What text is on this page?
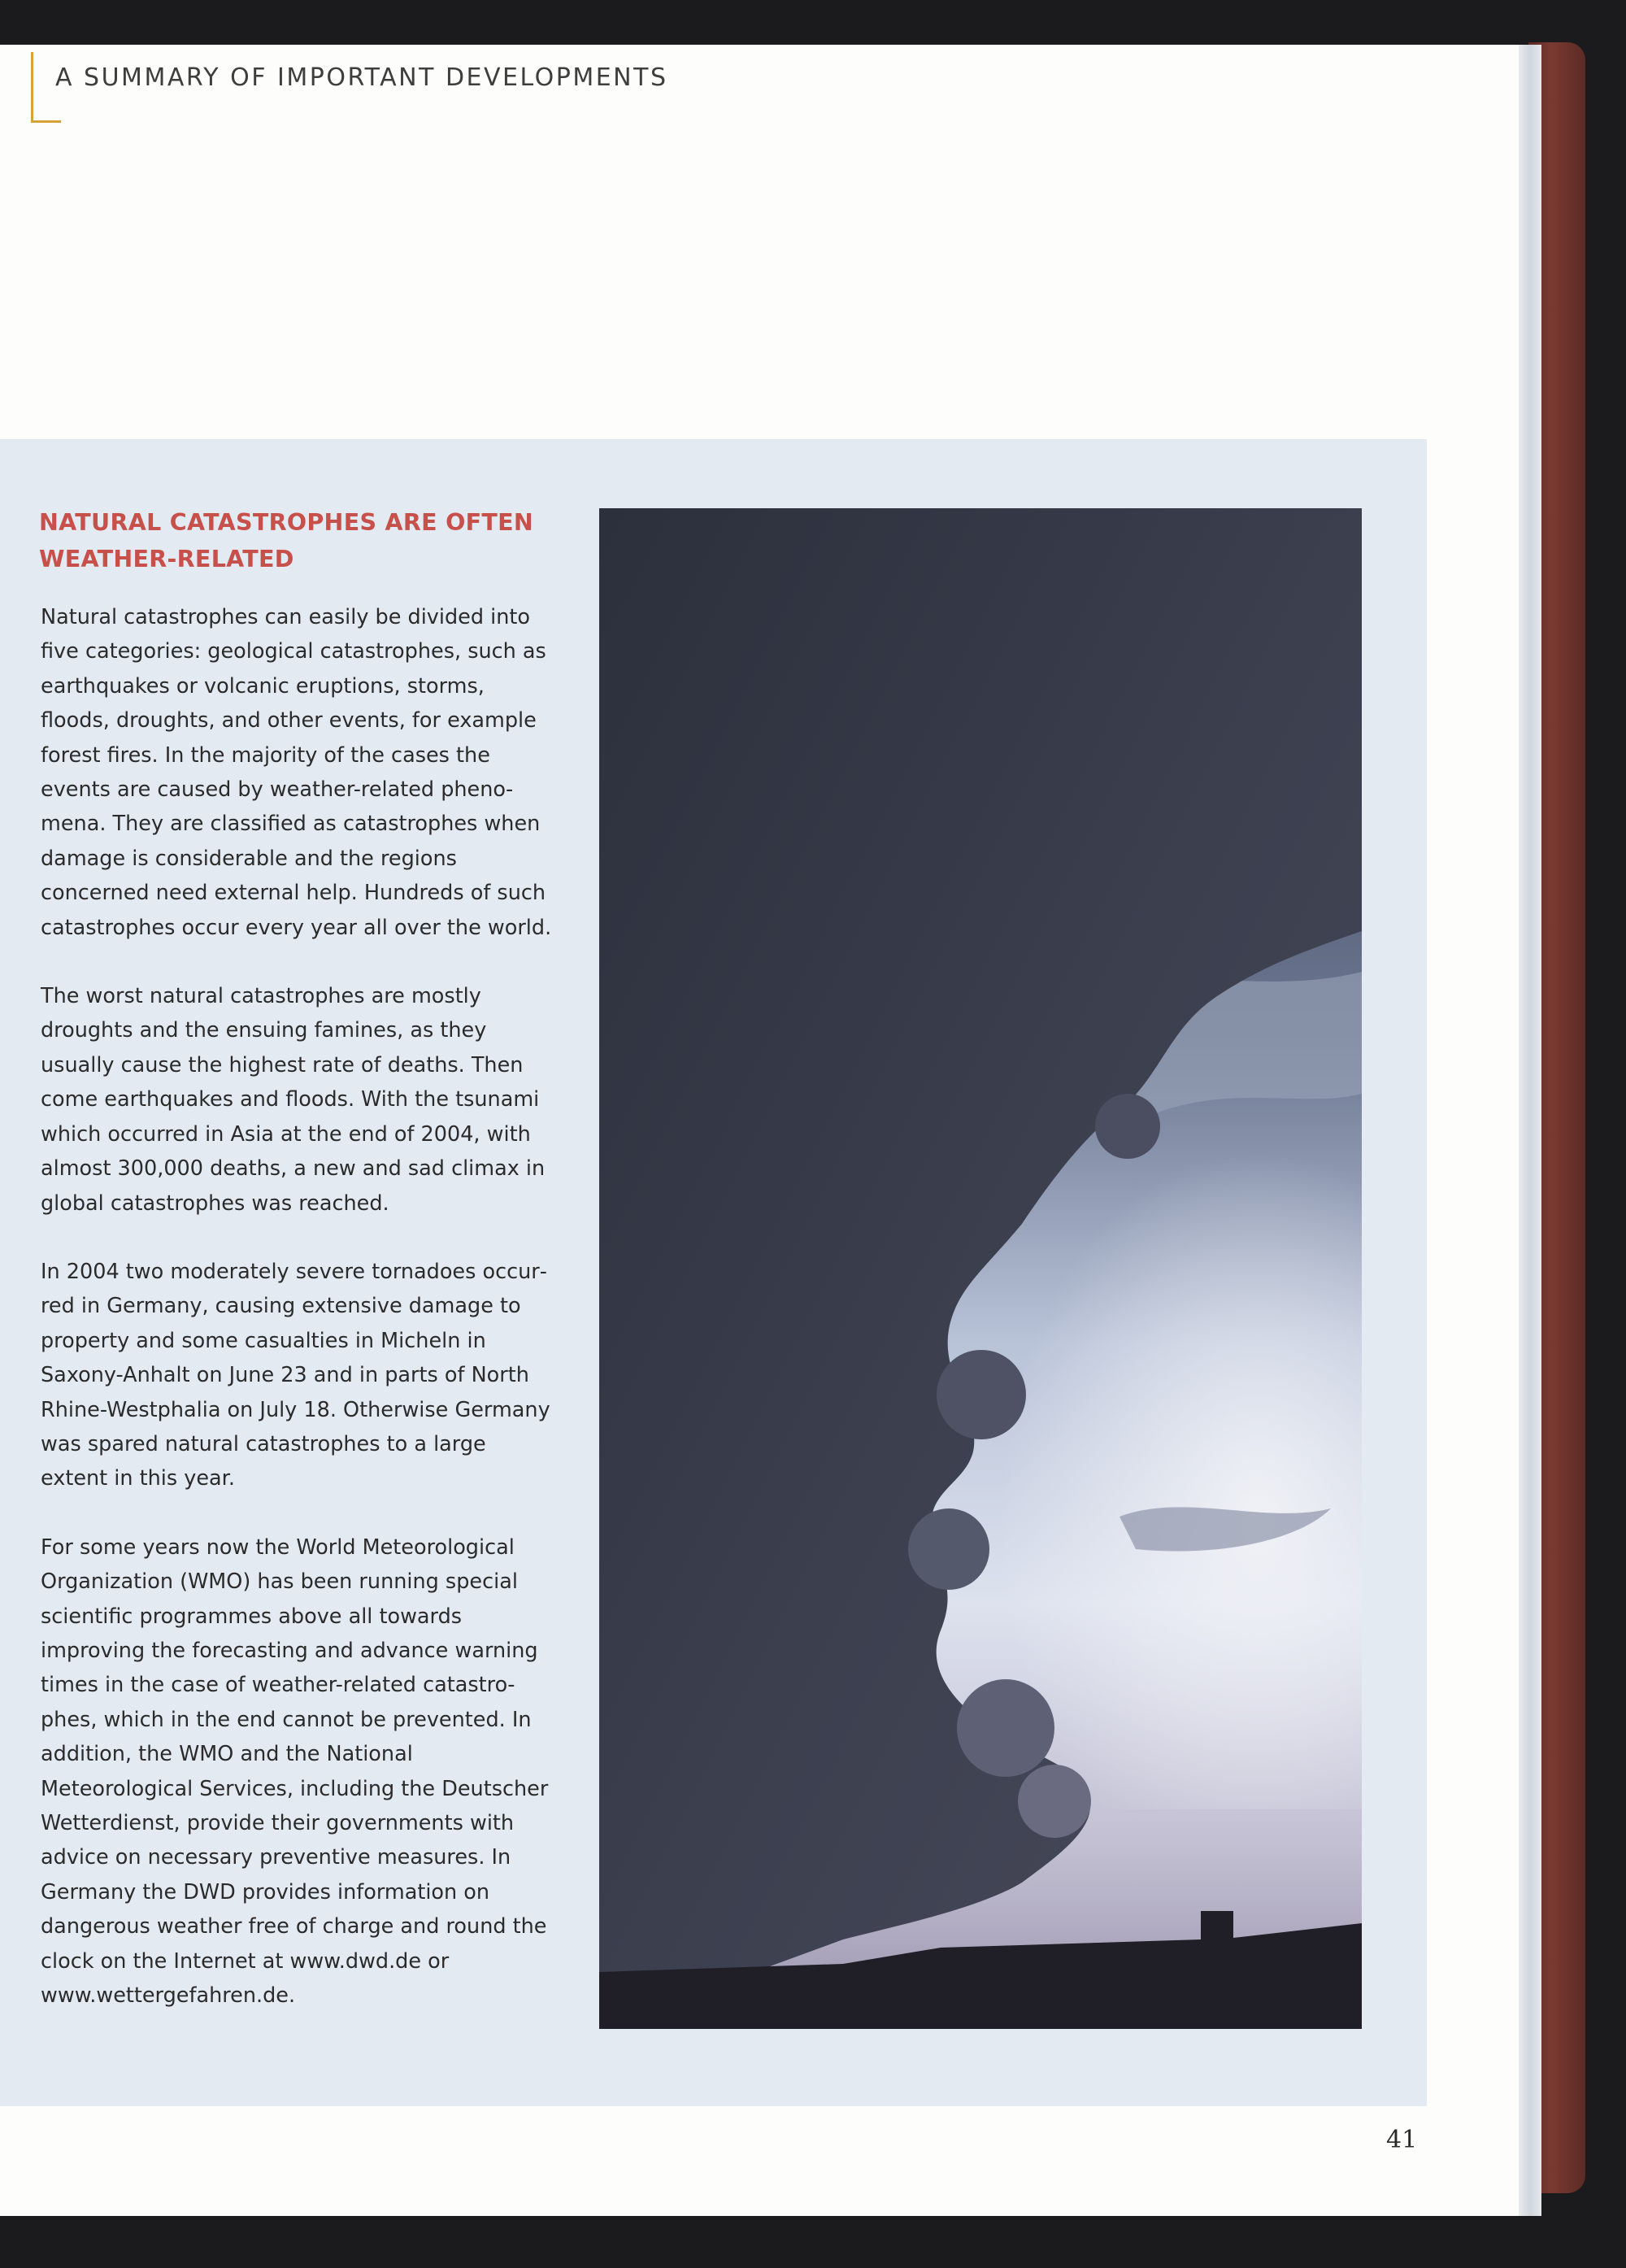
A SUMMARY OF IMPORTANT DEVELOPMENTS
NATURAL CATASTROPHES ARE OFTEN WEATHER-RELATED

Natural catastrophes can easily be divided into five categories: geological catastrophes, such as earthquakes or volcanic eruptions, storms, floods, droughts, and other events, for example forest fires. In the majority of the cases the events are caused by weather-related phenomena. They are classified as catastrophes when damage is considerable and the regions concerned need external help. Hundreds of such catastrophes occur every year all over the world.

The worst natural catastrophes are mostly droughts and the ensuing famines, as they usually cause the highest rate of deaths. Then come earthquakes and floods. With the tsunami which occurred in Asia at the end of 2004, with almost 300,000 deaths, a new and sad climax in global catastrophes was reached.

In 2004 two moderately severe tornadoes occurred in Germany, causing extensive damage to property and some casualties in Micheln in Saxony-Anhalt on June 23 and in parts of North Rhine-Westphalia on July 18. Otherwise Germany was spared natural catastrophes to a large extent in this year.

For some years now the World Meteorological Organization (WMO) has been running special scientific programmes above all towards improving the forecasting and advance warning times in the case of weather-related catastrophes, which in the end cannot be prevented. In addition, the WMO and the National Meteorological Services, including the Deutscher Wetterdienst, provide their governments with advice on necessary preventive measures. In Germany the DWD provides information on dangerous weather free of charge and round the clock on the Internet at www.dwd.de or www.wettergefahren.de.

41
